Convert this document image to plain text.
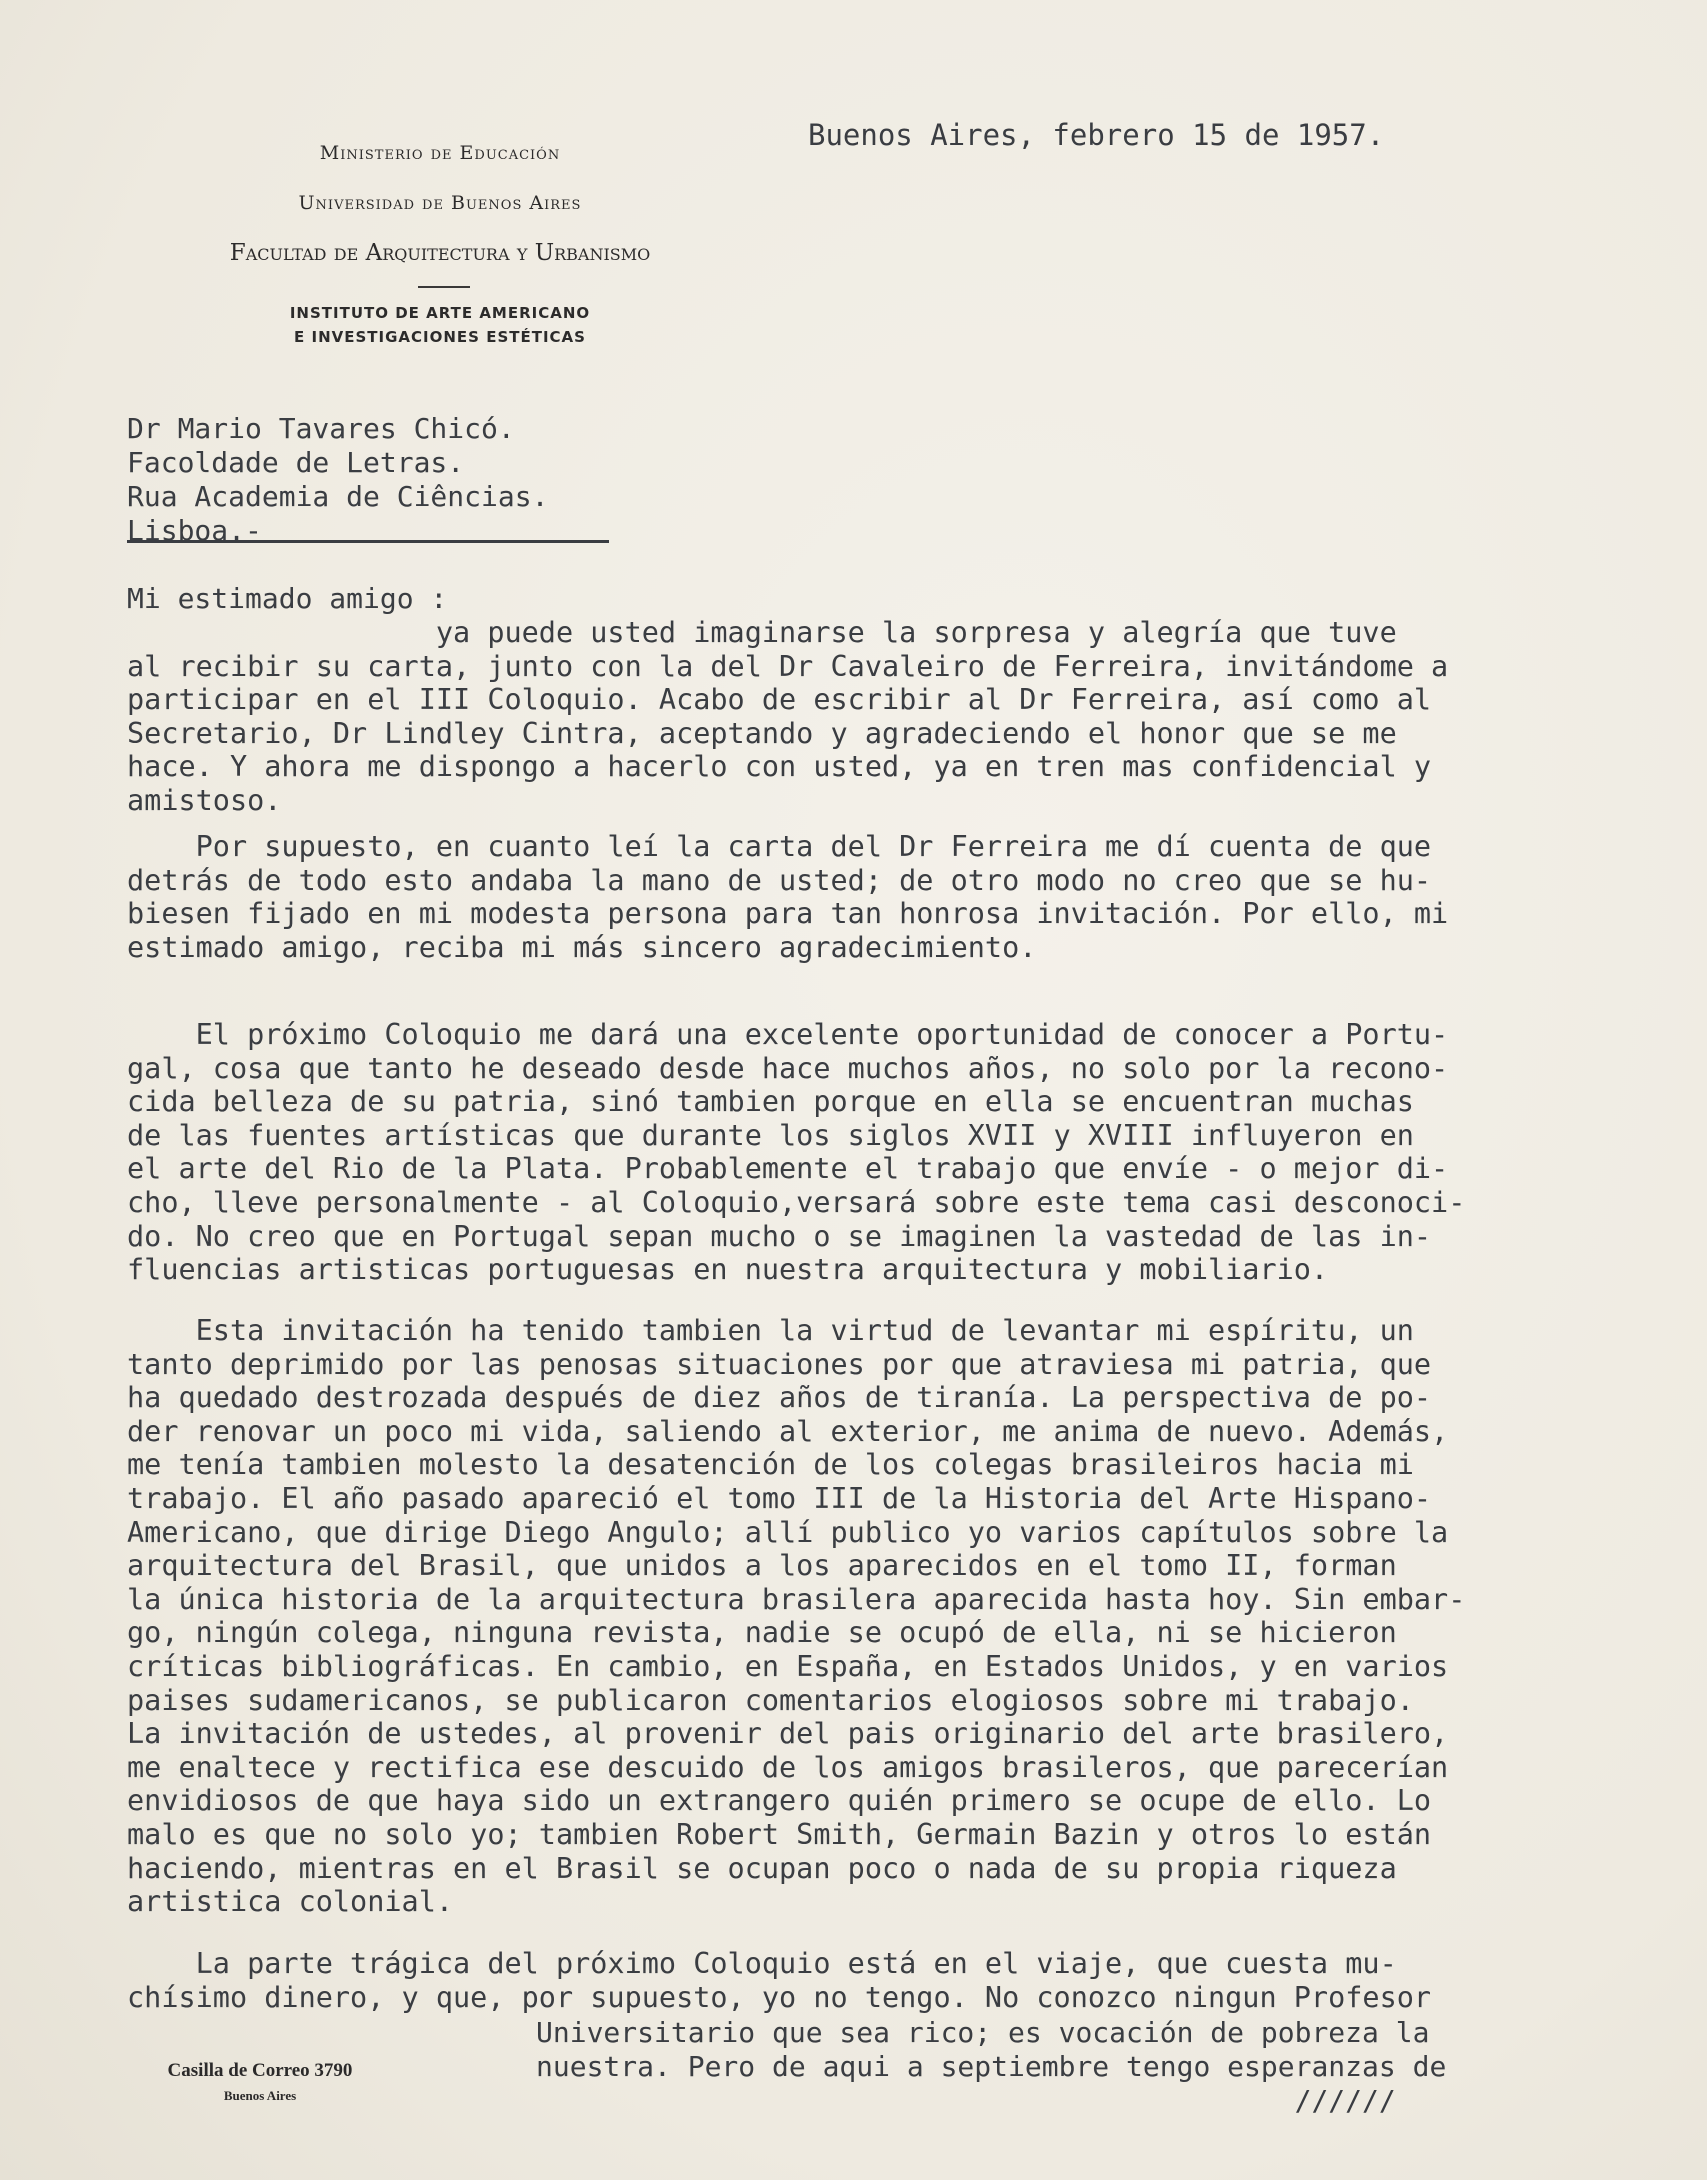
Ministerio de Educación
Universidad de Buenos Aires
Facultad de Arquitectura y Urbanismo
INSTITUTO DE ARTE AMERICANO
E INVESTIGACIONES ESTÉTICAS
Buenos Aires, febrero 15 de 1957.
Dr Mario Tavares Chicó.
Facoldade de Letras.
Rua Academia de Ciências.
Lisboa.-
Mi estimado amigo :
ya puede usted imaginarse la sorpresa y alegría que tuve
al recibir su carta, junto con la del Dr Cavaleiro de Ferreira, invitándome a
participar en el III Coloquio. Acabo de escribir al Dr Ferreira, así como al
Secretario, Dr Lindley Cintra, aceptando y agradeciendo el honor que se me
hace. Y ahora me dispongo a hacerlo con usted, ya en tren mas confidencial y
amistoso.
Por supuesto, en cuanto leí la carta del Dr Ferreira me dí cuenta de que
detrás de todo esto andaba la mano de usted; de otro modo no creo que se hu-
biesen fijado en mi modesta persona para tan honrosa invitación. Por ello, mi
estimado amigo, reciba mi más sincero agradecimiento.
El próximo Coloquio me dará una excelente oportunidad de conocer a Portu-
gal, cosa que tanto he deseado desde hace muchos años, no solo por la recono-
cida belleza de su patria, sinó tambien porque en ella se encuentran muchas
de las fuentes artísticas que durante los siglos XVII y XVIII influyeron en
el arte del Rio de la Plata. Probablemente el trabajo que envíe - o mejor di-
cho, lleve personalmente - al Coloquio,versará sobre este tema casi desconoci-
do. No creo que en Portugal sepan mucho o se imaginen la vastedad de las in-
fluencias artisticas portuguesas en nuestra arquitectura y mobiliario.
Esta invitación ha tenido tambien la virtud de levantar mi espíritu, un
tanto deprimido por las penosas situaciones por que atraviesa mi patria, que
ha quedado destrozada después de diez años de tiranía. La perspectiva de po-
der renovar un poco mi vida, saliendo al exterior, me anima de nuevo. Además,
me tenía tambien molesto la desatención de los colegas brasileiros hacia mi
trabajo. El año pasado apareció el tomo III de la Historia del Arte Hispano-
Americano, que dirige Diego Angulo; allí publico yo varios capítulos sobre la
arquitectura del Brasil, que unidos a los aparecidos en el tomo II, forman
la única historia de la arquitectura brasilera aparecida hasta hoy. Sin embar-
go, ningún colega, ninguna revista, nadie se ocupó de ella, ni se hicieron
críticas bibliográficas. En cambio, en España, en Estados Unidos, y en varios
paises sudamericanos, se publicaron comentarios elogiosos sobre mi trabajo.
La invitación de ustedes, al provenir del pais originario del arte brasilero,
me enaltece y rectifica ese descuido de los amigos brasileros, que parecerían
envidiosos de que haya sido un extrangero quién primero se ocupe de ello. Lo
malo es que no solo yo; tambien Robert Smith, Germain Bazin y otros lo están
haciendo, mientras en el Brasil se ocupan poco o nada de su propia riqueza
artistica colonial.
La parte trágica del próximo Coloquio está en el viaje, que cuesta mu-
chísimo dinero, y que, por supuesto, yo no tengo. No conozco ningun Profesor
Universitario que sea rico; es vocación de pobreza la
nuestra. Pero de aqui a septiembre tengo esperanzas de
//////
Casilla de Correo 3790
Buenos Aires
